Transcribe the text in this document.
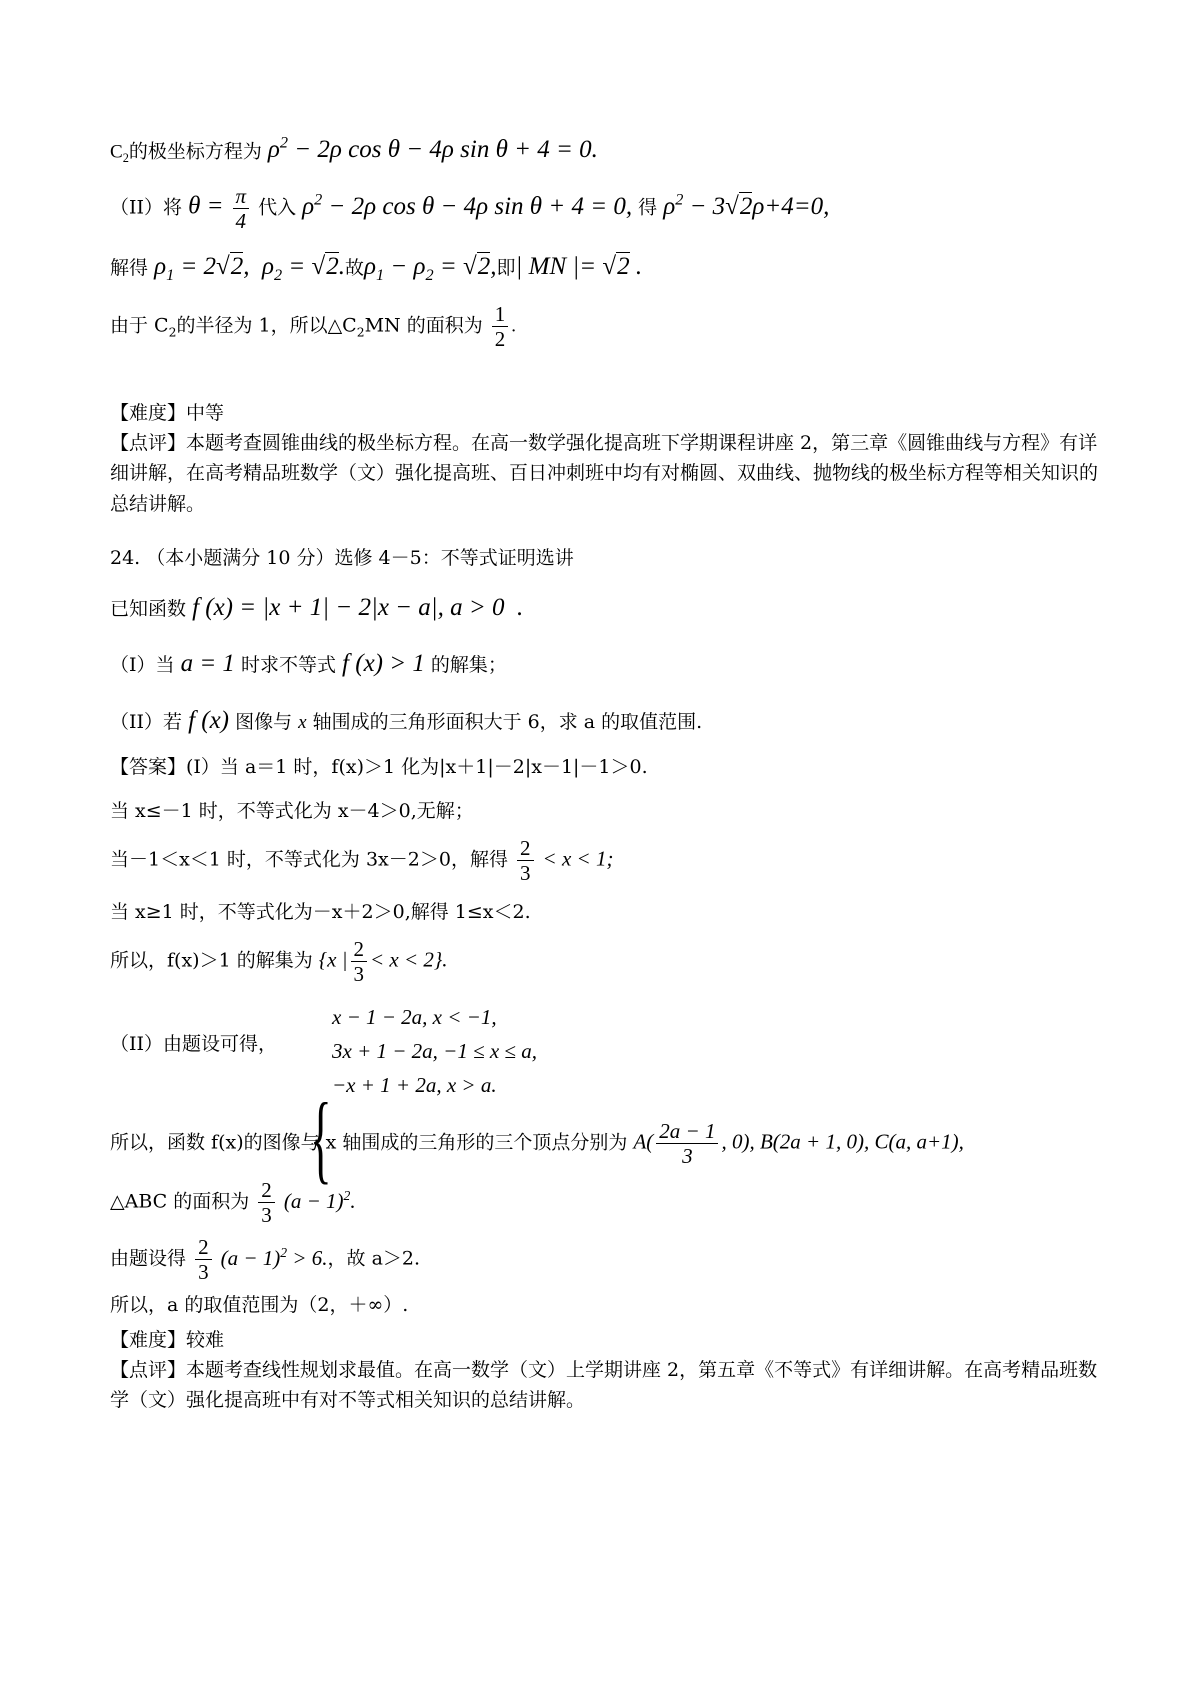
$C_2$的极坐标方程为 $\rho^2 - 2\rho$ cos θ − 4ρ sin θ + 4 = 0.
（II）将 $\theta = \frac{\pi}{4}$ 代入 $\rho^2 - 2\rho$ cos θ − 4ρ sin θ + 4 = 0, 得 $\rho^2 - 3√2\rho+4=0$,
解得 $\rho_1 = 2√2$,  $\rho_2 = √2$.故$\rho_1 - \rho_2 = √2$,即| MN |= √2 .
由于 $C_2$的半径为 1，所以$\triangle C_2MN$ 的面积为 $\frac{1}{2}$ .
【难度】中等
【点评】本题考查圆锥曲线的极坐标方程。在高一数学强化提高班下学期课程讲座 2，第三章《圆锥曲线与方程》有详细讲解，在高考精品班数学（文）强化提高班、百日冲刺班中均有对椭圆、双曲线、抛物线的极坐标方程等相关知识的总结讲解。
24. （本小题满分 10 分）选修 4－5：不等式证明选讲
已知函数 f (x) = |x + 1| − 2|x − a|, a > 0  .
（I）当 a = 1 时求不等式 f (x) > 1 的解集；
（II）若 f (x) 图像与 x 轴围成的三角形面积大于 6，求 a 的取值范围.
【答案】(I）当 a＝1 时，f(x)＞1 化为|x＋1|－2|x－1|－1＞0.
当 x≤－1 时，不等式化为 x－4＞0,无解；
当－1＜x＜1 时，不等式化为 3x－2＞0，解得 $\frac{2}{3} < x < 1$;
当 x≥1 时，不等式化为－x＋2＞0,解得 1≤x＜2.
所以，f(x)＞1 的解集为 {x | $\frac{2}{3} < x < 2$}.
（II）由题设可得，
{
x − 1 − 2a, x < −1,
3x + 1 − 2a, −1 ≤ x ≤ a,
−x + 1 + 2a, x > a.
所以，函数 f(x)的图像与 x 轴围成的三角形的三个顶点分别为 $A( \frac{2a - 1}{3}$ , 0), B(2a + 1, 0), C(a, a+1),
△ABC 的面积为 $\frac{2}{3} (a - 1)^2$.
由题设得 $\frac{2}{3} (a - 1)^2 > 6$.，故 a＞2.
所以，a 的取值范围为（2，＋∞）.
【难度】较难
【点评】本题考查线性规划求最值。在高一数学（文）上学期讲座 2，第五章《不等式》有详细讲解。在高考精品班数学（文）强化提高班中有对不等式相关知识的总结讲解。
